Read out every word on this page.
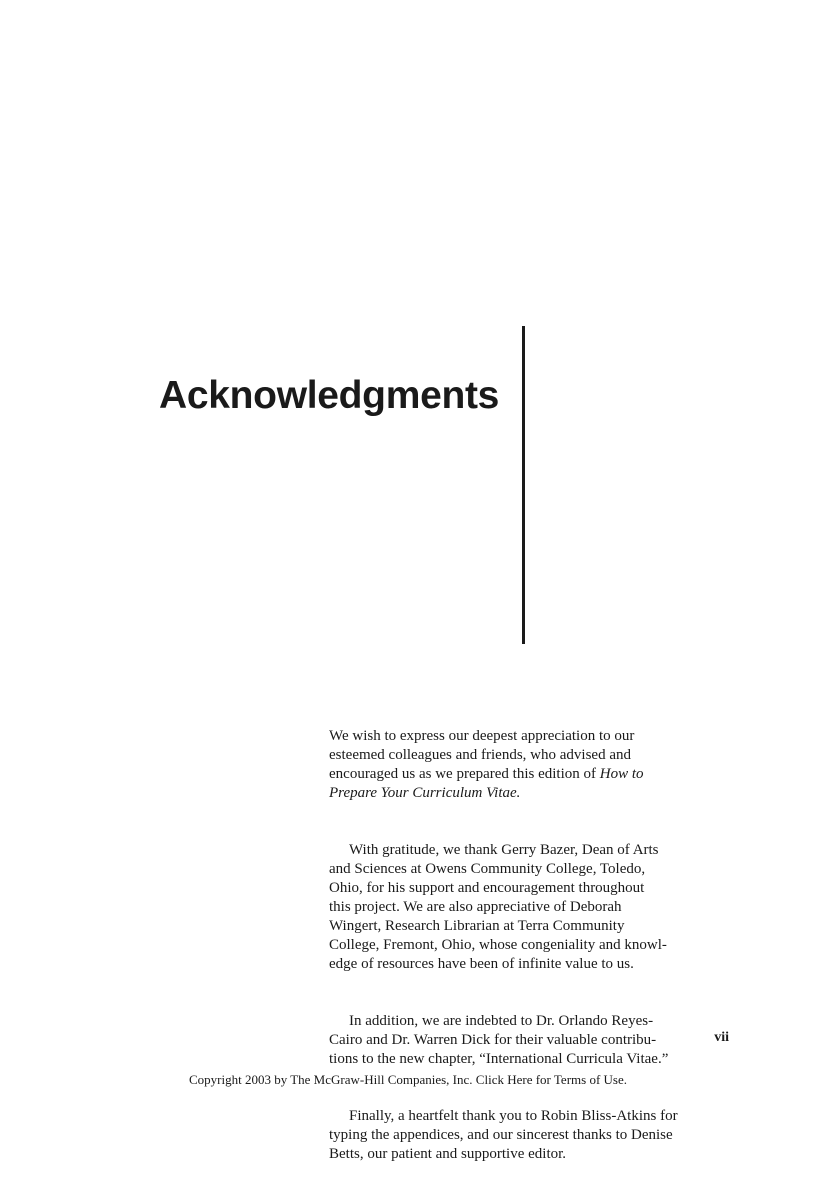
Acknowledgments

We wish to express our deepest appreciation to our
esteemed colleagues and friends, who advised and
encouraged us as we prepared this edition of How to
Prepare Your Curriculum Vitae.

With gratitude, we thank Gerry Bazer, Dean of Arts
and Sciences at Owens Community College, Toledo,
Ohio, for his support and encouragement throughout
this project. We are also appreciative of Deborah
Wingert, Research Librarian at Terra Community
College, Fremont, Ohio, whose congeniality and knowl-
edge of resources have been of infinite value to us.

In addition, we are indebted to Dr. Orlando Reyes-
Cairo and Dr. Warren Dick for their valuable contribu-
tions to the new chapter, “International Curricula Vitae.”

Finally, a heartfelt thank you to Robin Bliss-Atkins for
typing the appendices, and our sincerest thanks to Denise
Betts, our patient and supportive editor.

vii
Copyright 2003 by The McGraw-Hill Companies, Inc. Click Here for Terms of Use.
